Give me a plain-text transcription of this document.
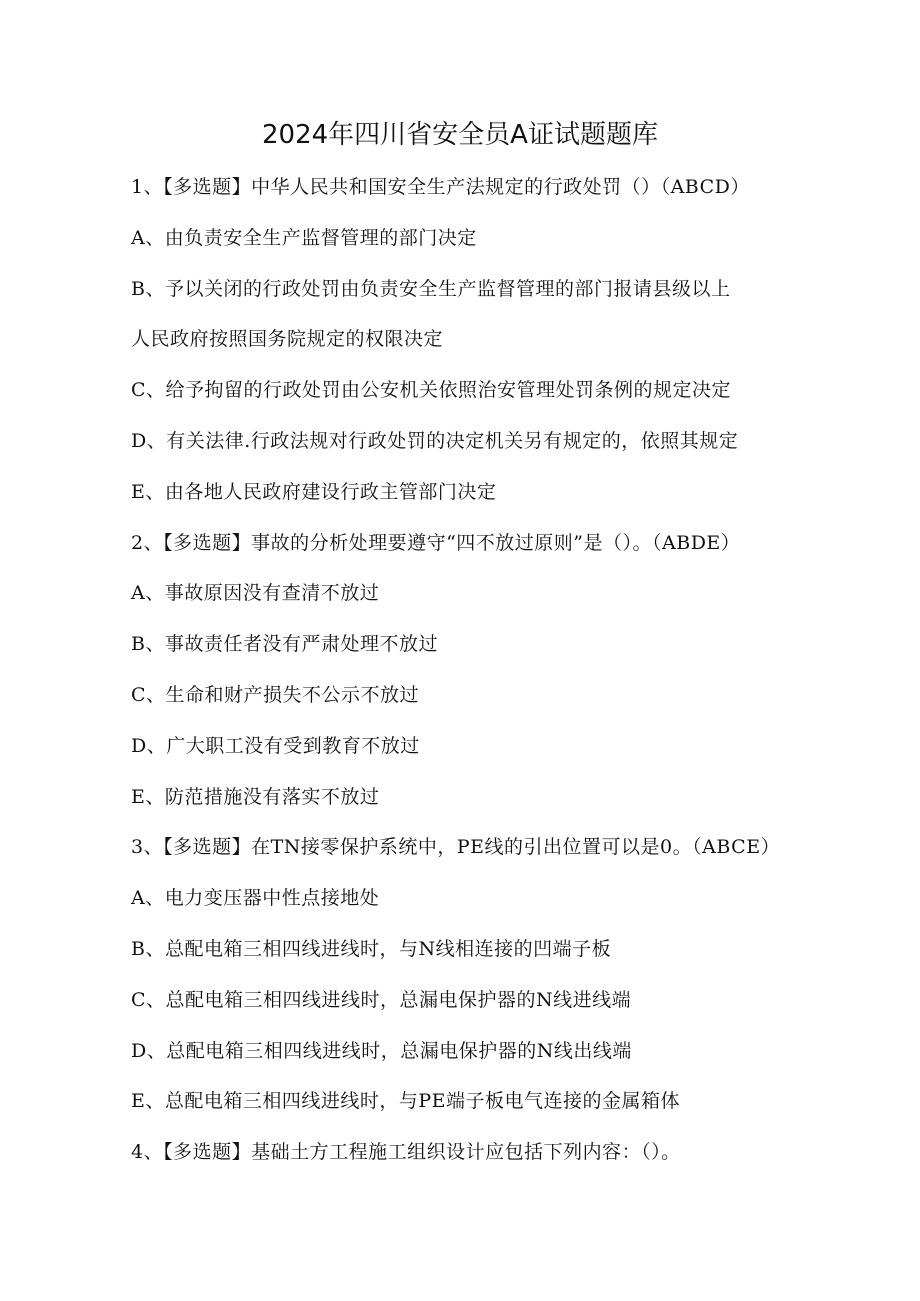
2024年四川省安全员A证试题题库
1、【多选题】中华人民共和国安全生产法规定的行政处罚（）（ABCD）
A、由负责安全生产监督管理的部门决定
B、予以关闭的行政处罚由负责安全生产监督管理的部门报请县级以上
人民政府按照国务院规定的权限决定
C、给予拘留的行政处罚由公安机关依照治安管理处罚条例的规定决定
D、有关法律.行政法规对行政处罚的决定机关另有规定的，依照其规定
E、由各地人民政府建设行政主管部门决定
2、【多选题】事故的分析处理要遵守“四不放过原则”是（）。（ABDE）
A、事故原因没有查清不放过
B、事故责任者没有严肃处理不放过
C、生命和财产损失不公示不放过
D、广大职工没有受到教育不放过
E、防范措施没有落实不放过
3、【多选题】在TN接零保护系统中，PE线的引出位置可以是0。（ABCE）
A、电力变压器中性点接地处
B、总配电箱三相四线进线时，与N线相连接的凹端子板
C、总配电箱三相四线进线时，总漏电保护器的N线进线端
D、总配电箱三相四线进线时，总漏电保护器的N线出线端
E、总配电箱三相四线进线时，与PE端子板电气连接的金属箱体
4、【多选题】基础土方工程施工组织设计应包括下列内容：（）。
